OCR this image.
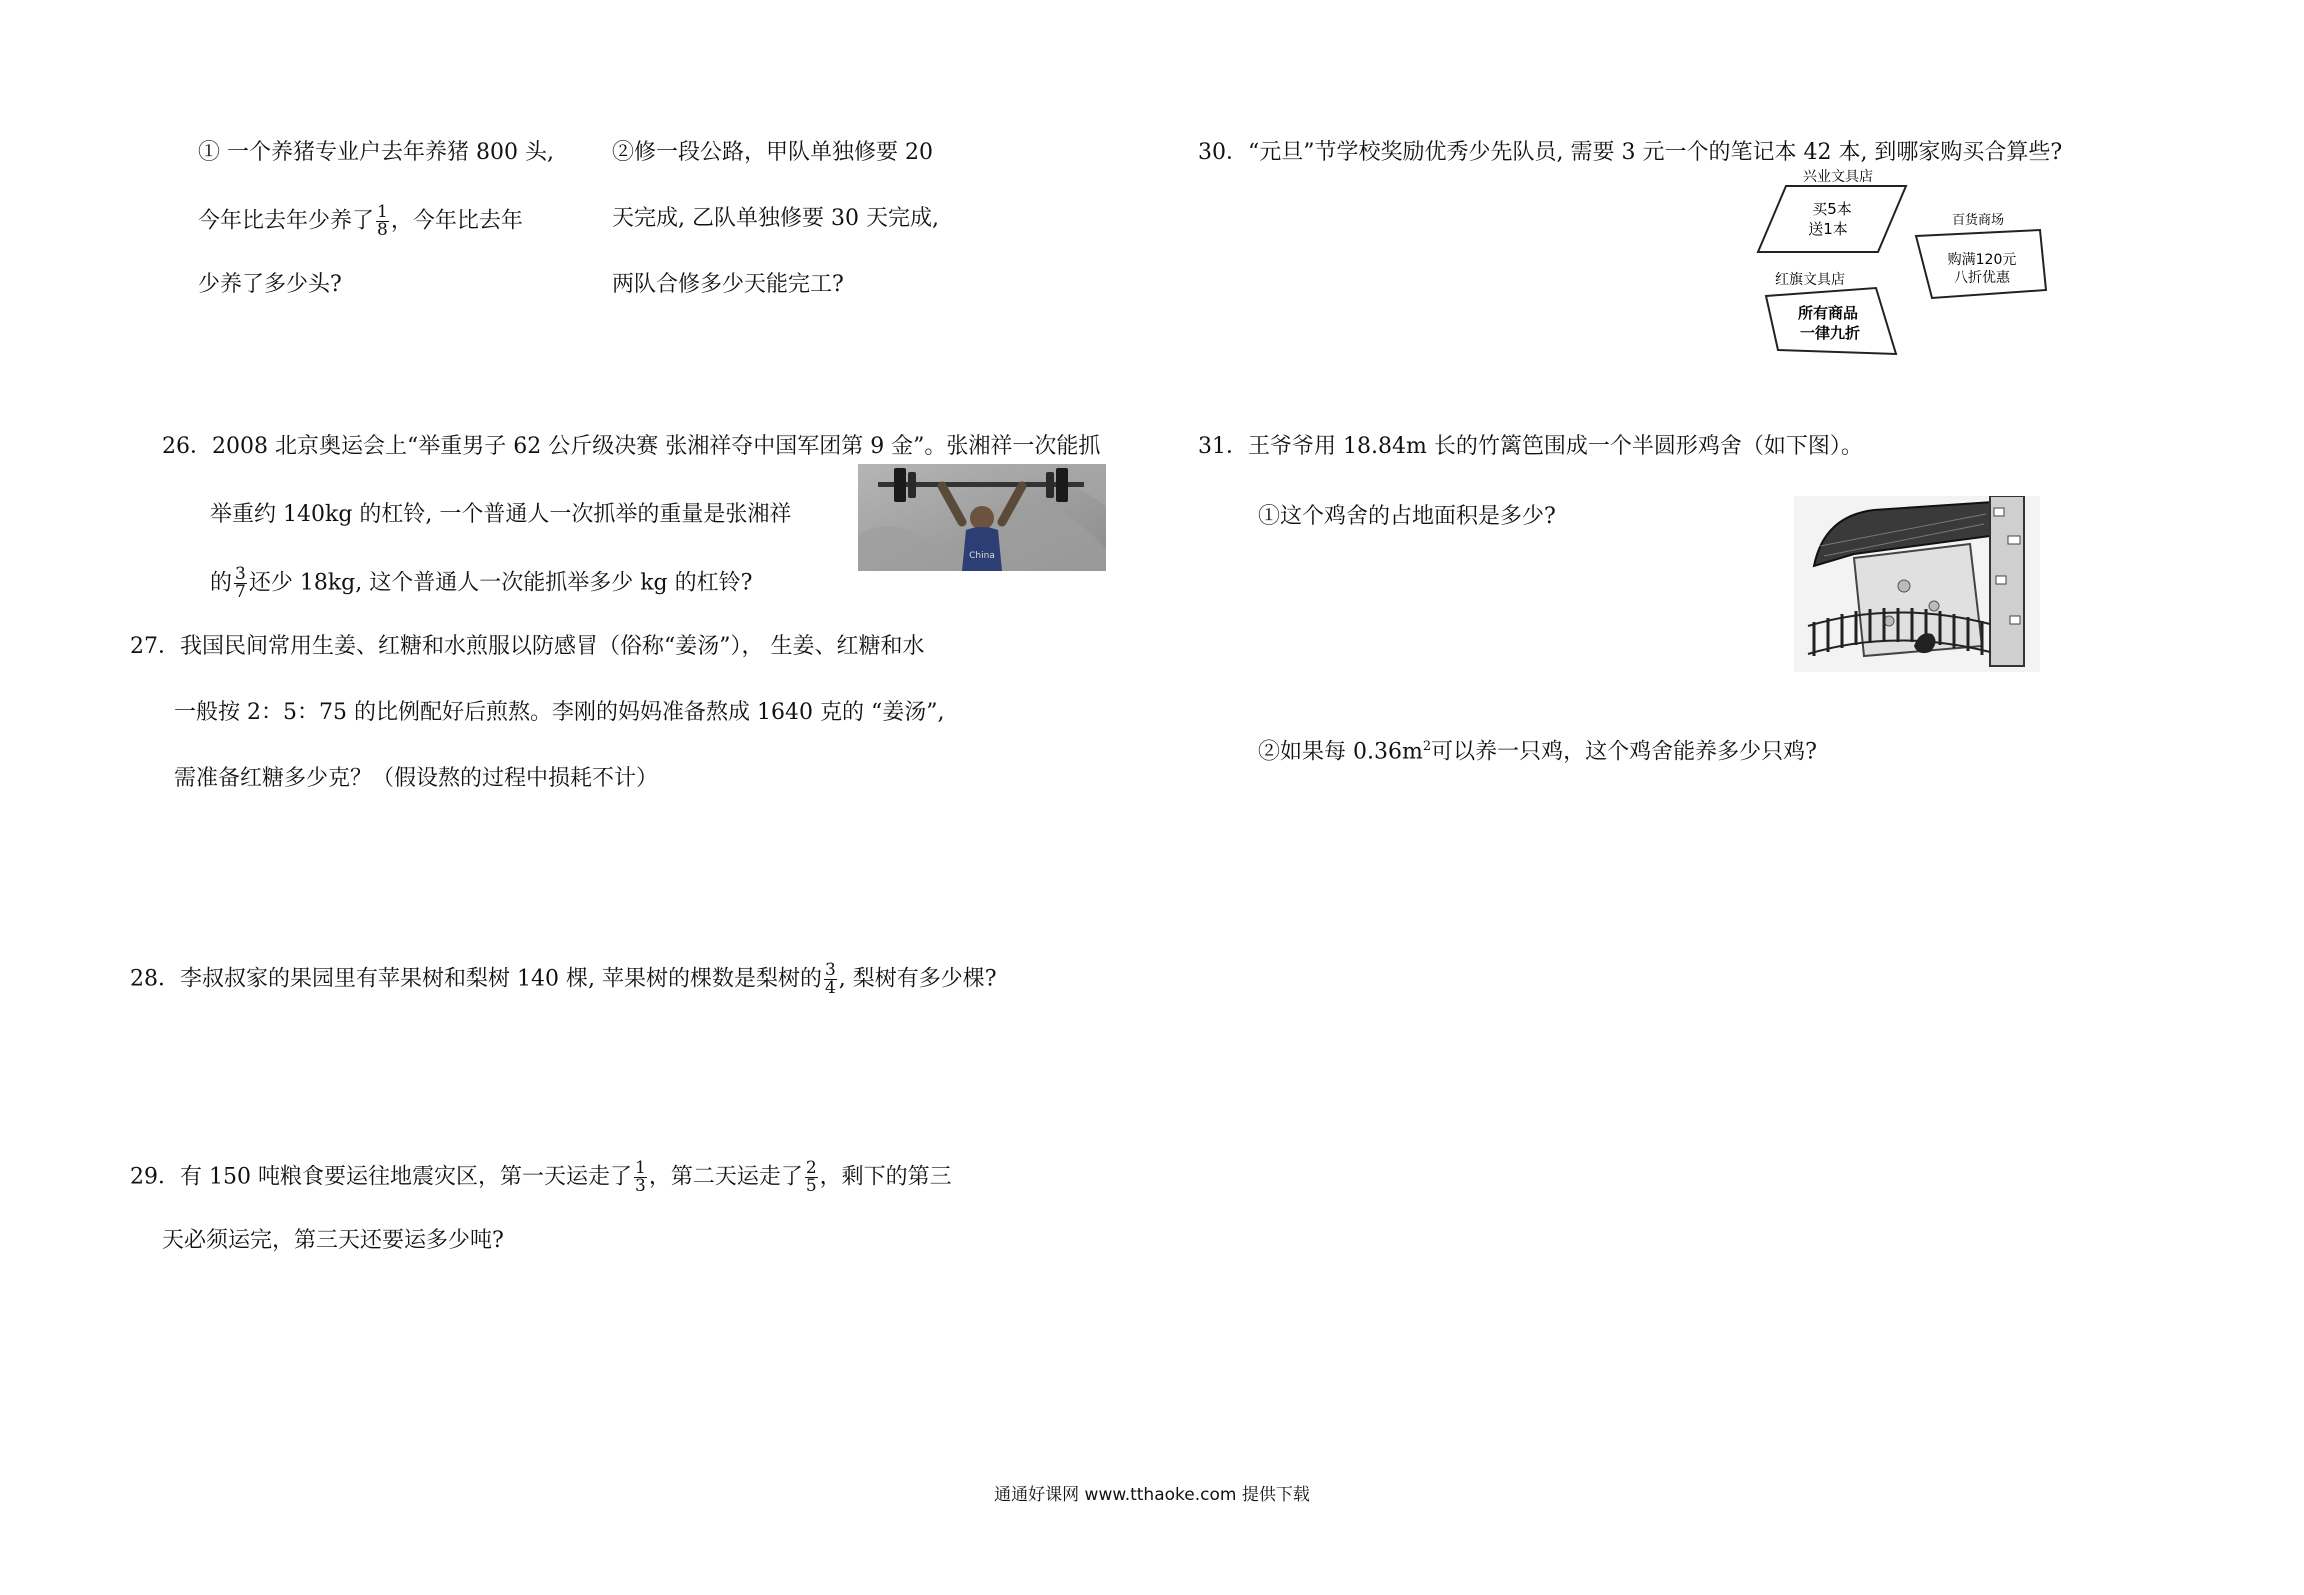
① 一个养猪专业户去年养猪 800 头,
今年比去年少养了 $\frac{1}{8}$ ，今年比去年
少养了多少头?
②修一段公路，甲队单独修要 20
天完成, 乙队单独修要 30 天完成,
两队合修多少天能完工?
26．2008 北京奥运会上“举重男子 62 公斤级决赛 张湘祥夺中国军团第 9 金”。张湘祥一次能抓
举重约 140kg 的杠铃, 一个普通人一次抓举的重量是张湘祥
的 $\frac{3}{7}$ 还少 18kg, 这个普通人一次能抓举多少 kg 的杠铃?
China
27．我国民间常用生姜、红糖和水煎服以防感冒（俗称“姜汤”）， 生姜、红糖和水
一般按 2：5：75 的比例配好后煎熬。李刚的妈妈准备熬成 1640 克的 “姜汤”,
需准备红糖多少克？（假设熬的过程中损耗不计）
28．李叔叔家的果园里有苹果树和梨树 140 棵, 苹果树的棵数是梨树的 $\frac{3}{4}$ , 梨树有多少棵?
29．有 150 吨粮食要运往地震灾区，第一天运走了 $\frac{1}{3}$ ，第二天运走了 $\frac{2}{5}$ ，剩下的第三
天必须运完，第三天还要运多少吨?
30．“元旦”节学校奖励优秀少先队员, 需要 3 元一个的笔记本 42 本, 到哪家购买合算些?
兴业文具店
买5本
送1本	百货商场
购满120元
八折优惠
红旗文具店
所有商品
一律九折
31．王爷爷用 18.84m 长的竹篱笆围成一个半圆形鸡舍（如下图）。
①这个鸡舍的占地面积是多少?
②如果每 $0.36m^2$可以养一只鸡，这个鸡舍能养多少只鸡?
通通好课网 www.tthaoke.com 提供下载
